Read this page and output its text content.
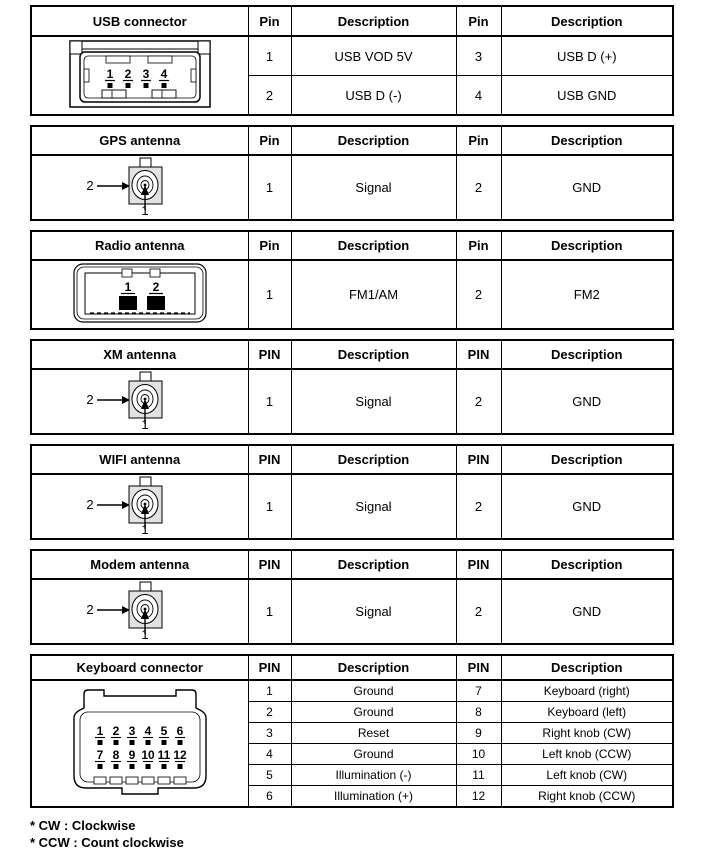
USB connector	Pin	Description	Pin	Description

1 2 3 4	1	USB VOD 5V	3	USB D (+)
	2	USB D (-)	4	USB GND
GPS antenna	Pin	Description	Pin	Description

2
1	1	Signal	2	GND
Radio antenna	Pin	Description	Pin	Description

1 2	1	FM1/AM	2	FM2
XM antenna	PIN	Description	PIN	Description

2
1	1	Signal	2	GND
WIFI antenna	PIN	Description	PIN	Description

2
1	1	Signal	2	GND
Modem antenna	PIN	Description	PIN	Description

2
1	1	Signal	2	GND
Keyboard connector	PIN	Description	PIN	Description

1 2 3 4 5 6
7 8 9 10 11 12
	1	Ground	7	Keyboard (right)
	2	Ground	8	Keyboard (left)
	3	Reset	9	Right knob (CW)
	4	Ground	10	Left knob (CCW)
	5	Illumination (-)	11	Left knob (CW)
	6	Illumination (+)	12	Right knob (CCW)
* CW : Clockwise
* CCW : Count clockwise
